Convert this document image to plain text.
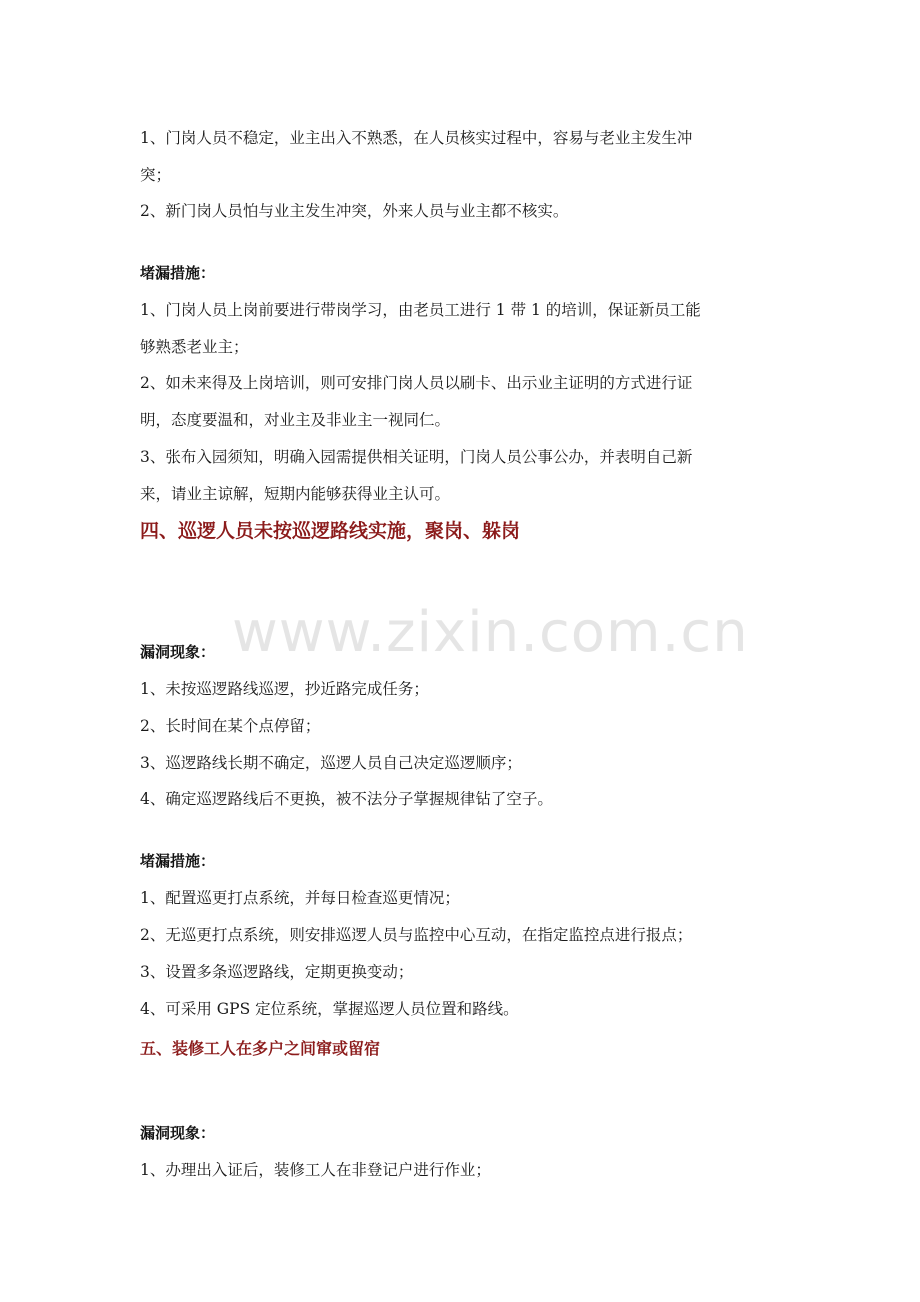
1、门岗人员不稳定，业主出入不熟悉，在人员核实过程中，容易与老业主发生冲
突；
2、新门岗人员怕与业主发生冲突，外来人员与业主都不核实。
堵漏措施：
1、门岗人员上岗前要进行带岗学习，由老员工进行 1 带 1 的培训，保证新员工能
够熟悉老业主；
2、如未来得及上岗培训，则可安排门岗人员以刷卡、出示业主证明的方式进行证
明，态度要温和，对业主及非业主一视同仁。
3、张布入园须知，明确入园需提供相关证明，门岗人员公事公办，并表明自己新
来，请业主谅解，短期内能够获得业主认可。
四、巡逻人员未按巡逻路线实施，聚岗、躲岗
www.zixin.com.cn
漏洞现象：
1、未按巡逻路线巡逻，抄近路完成任务；
2、长时间在某个点停留；
3、巡逻路线长期不确定，巡逻人员自己决定巡逻顺序；
4、确定巡逻路线后不更换，被不法分子掌握规律钻了空子。
堵漏措施：
1、配置巡更打点系统，并每日检查巡更情况；
2、无巡更打点系统，则安排巡逻人员与监控中心互动，在指定监控点进行报点；
3、设置多条巡逻路线，定期更换变动；
4、可采用 GPS 定位系统，掌握巡逻人员位置和路线。
五、装修工人在多户之间窜或留宿
漏洞现象：
1、办理出入证后，装修工人在非登记户进行作业；
